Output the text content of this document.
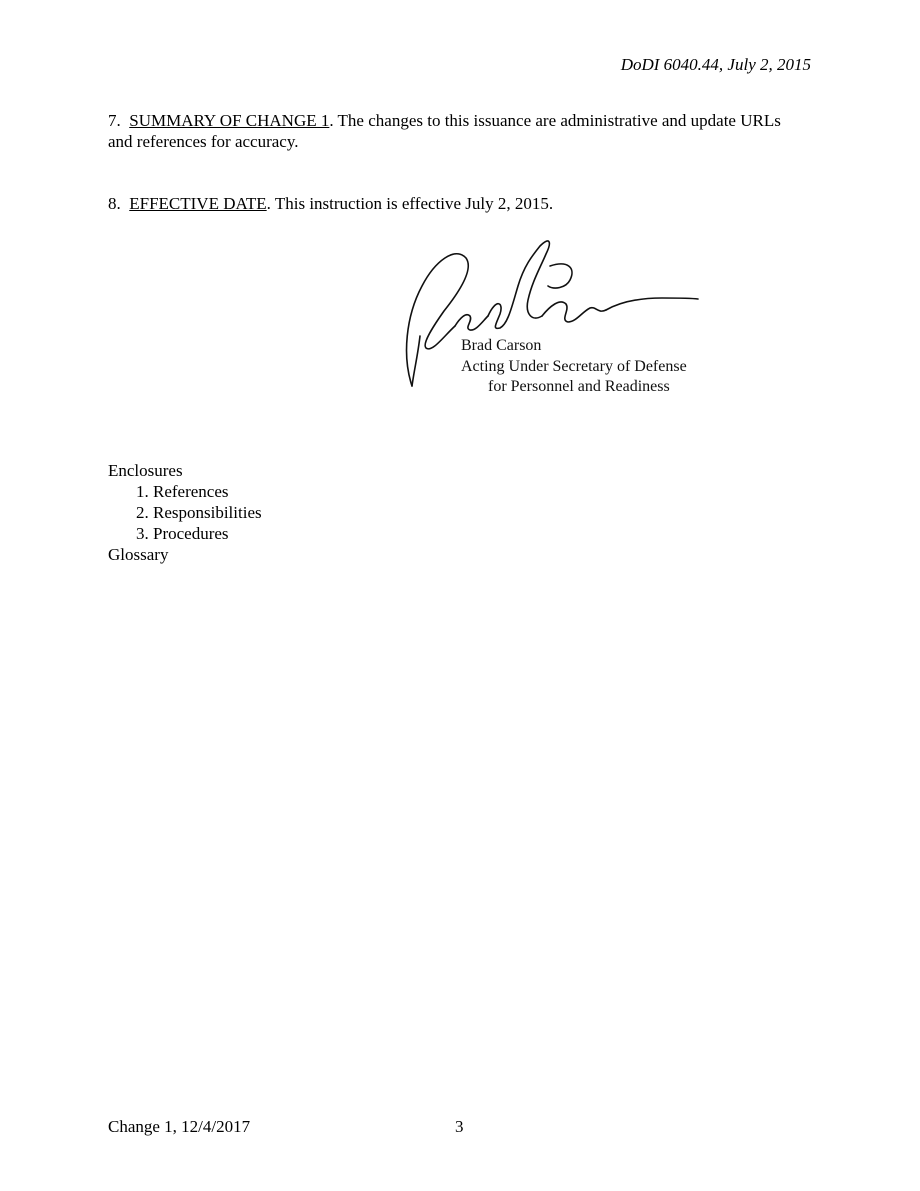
DoDI 6040.44, July 2, 2015
7. SUMMARY OF CHANGE 1. The changes to this issuance are administrative and update URLs and references for accuracy.
8. EFFECTIVE DATE. This instruction is effective July 2, 2015.
Brad Carson
Acting Under Secretary of Defense
for Personnel and Readiness
Enclosures
1. References
2. Responsibilities
3. Procedures
Glossary
Change 1, 12/4/2017	3
